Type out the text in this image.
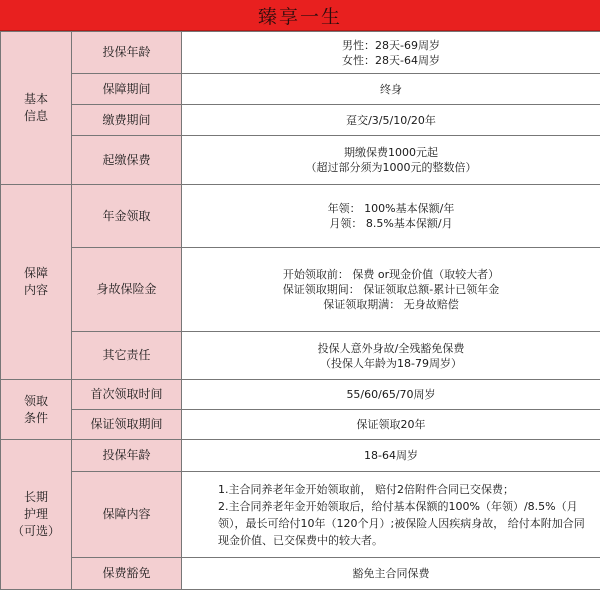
臻享一生
基本
信息	投保年龄	男性：28天-69周岁
女性：28天-64周岁

	保障期间	终身

	缴费期间	趸交/3/5/10/20年

	起缴保费	期缴保费1000元起
（超过部分须为1000元的整数倍）

保障
内容	年金领取	年领： 100%基本保额/年
月领： 8.5%基本保额/月

	身故保险金	开始领取前： 保费 or现金价值（取较大者）
保证领取期间： 保证领取总额-累计已领年金
保证领取期满： 无身故赔偿

	其它责任	投保人意外身故/全残豁免保费
（投保人年龄为18-79周岁）

领取
条件	首次领取时间	55/60/65/70周岁

	保证领取期间	保证领取20年

长期
护理
（可选）	投保年龄	18-64周岁

	保障内容	1.主合同养老年金开始领取前， 赔付2倍附件合同已交保费；
2.主合同养老年金开始领取后，给付基本保额的100%（年领）/8.5%（月领），最长可给付10年（120个月）;被保险人因疾病身故， 给付本附加合同现金价值、已交保费中的较大者。

	保费豁免	豁免主合同保费
